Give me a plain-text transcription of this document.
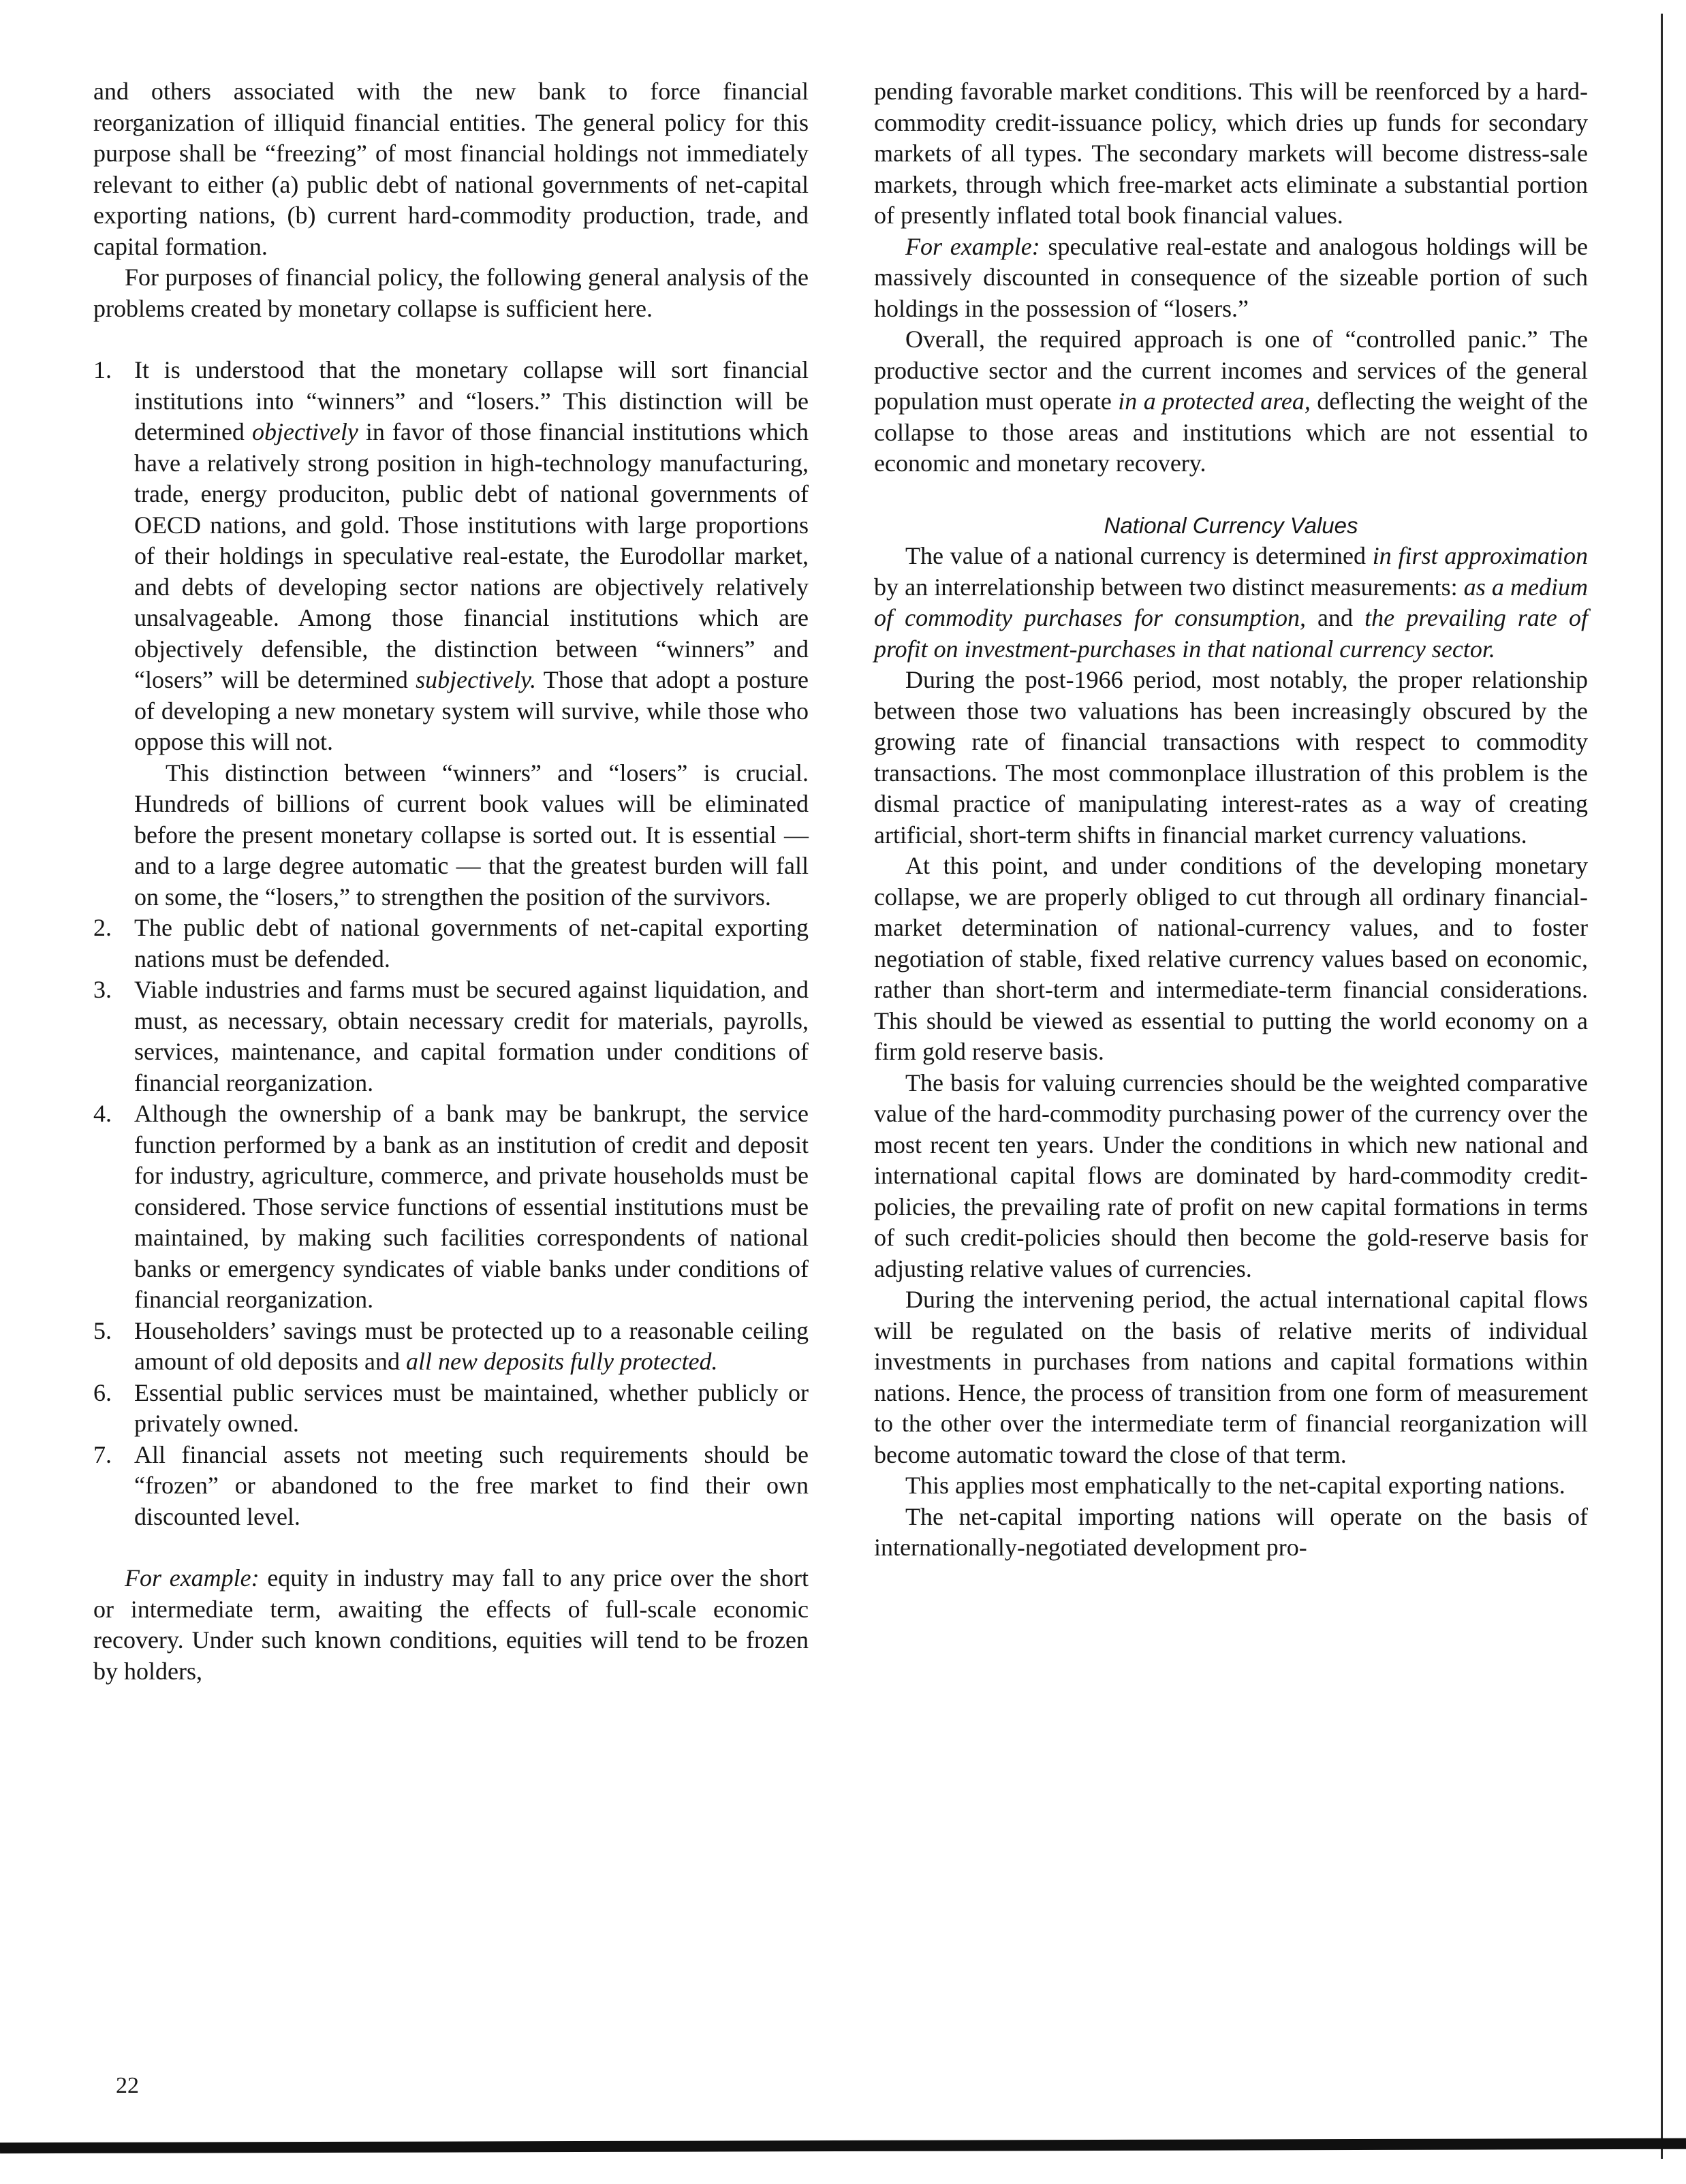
and others associated with the new bank to force financial reorganization of illiquid financial entities. The general policy for this purpose shall be “freezing” of most financial holdings not immediately relevant to either (a) public debt of national governments of net-capital exporting nations, (b) current hard-commodity production, trade, and capital formation.

For purposes of financial policy, the following general analysis of the problems created by monetary collapse is sufficient here.

1. It is understood that the monetary collapse will sort financial institutions into “winners” and “losers.” This distinction will be determined objectively in favor of those financial institutions which have a relatively strong position in high-technology manufacturing, trade, energy produciton, public debt of national governments of OECD nations, and gold. Those institutions with large proportions of their holdings in speculative real-estate, the Eurodollar market, and debts of developing sector nations are objectively relatively unsalvageable. Among those financial institutions which are objectively defensible, the distinction between “winners” and “losers” will be determined subjectively. Those that adopt a posture of developing a new monetary system will survive, while those who oppose this will not.

This distinction between “winners” and “losers” is crucial. Hundreds of billions of current book values will be eliminated before the present monetary collapse is sorted out. It is essential — and to a large degree automatic — that the greatest burden will fall on some, the “losers,” to strengthen the position of the survivors.

2. The public debt of national governments of net-capital exporting nations must be defended.

3. Viable industries and farms must be secured against liquidation, and must, as necessary, obtain necessary credit for materials, payrolls, services, maintenance, and capital formation under conditions of financial reorganization.

4. Although the ownership of a bank may be bankrupt, the service function performed by a bank as an institution of credit and deposit for industry, agriculture, commerce, and private households must be considered. Those service functions of essential institutions must be maintained, by making such facilities correspondents of national banks or emergency syndicates of viable banks under conditions of financial reorganization.

5. Householders’ savings must be protected up to a reasonable ceiling amount of old deposits and all new deposits fully protected.

6. Essential public services must be maintained, whether publicly or privately owned.

7. All financial assets not meeting such requirements should be “frozen” or abandoned to the free market to find their own discounted level.

For example: equity in industry may fall to any price over the short or intermediate term, awaiting the effects of full-scale economic recovery. Under such known conditions, equities will tend to be frozen by holders,

pending favorable market conditions. This will be reenforced by a hard-commodity credit-issuance policy, which dries up funds for secondary markets of all types. The secondary markets will become distress-sale markets, through which free-market acts eliminate a substantial portion of presently inflated total book financial values.

For example: speculative real-estate and analogous holdings will be massively discounted in consequence of the sizeable portion of such holdings in the possession of “losers.”

Overall, the required approach is one of “controlled panic.” The productive sector and the current incomes and services of the general population must operate in a protected area, deflecting the weight of the collapse to those areas and institutions which are not essential to economic and monetary recovery.

National Currency Values

The value of a national currency is determined in first approximation by an interrelationship between two distinct measurements: as a medium of commodity purchases for consumption, and the prevailing rate of profit on investment-purchases in that national currency sector.

During the post-1966 period, most notably, the proper relationship between those two valuations has been increasingly obscured by the growing rate of financial transactions with respect to commodity transactions. The most commonplace illustration of this problem is the dismal practice of manipulating interest-rates as a way of creating artificial, short-term shifts in financial market currency valuations.

At this point, and under conditions of the developing monetary collapse, we are properly obliged to cut through all ordinary financial-market determination of national-currency values, and to foster negotiation of stable, fixed relative currency values based on economic, rather than short-term and intermediate-term financial considerations. This should be viewed as essential to putting the world economy on a firm gold reserve basis.

The basis for valuing currencies should be the weighted comparative value of the hard-commodity purchasing power of the currency over the most recent ten years. Under the conditions in which new national and international capital flows are dominated by hard-commodity credit-policies, the prevailing rate of profit on new capital formations in terms of such credit-policies should then become the gold-reserve basis for adjusting relative values of currencies.

During the intervening period, the actual international capital flows will be regulated on the basis of relative merits of individual investments in purchases from nations and capital formations within nations. Hence, the process of transition from one form of measurement to the other over the intermediate term of financial reorganization will become automatic toward the close of that term.

This applies most emphatically to the net-capital exporting nations.

The net-capital importing nations will operate on the basis of internationally-negotiated development pro-

22
